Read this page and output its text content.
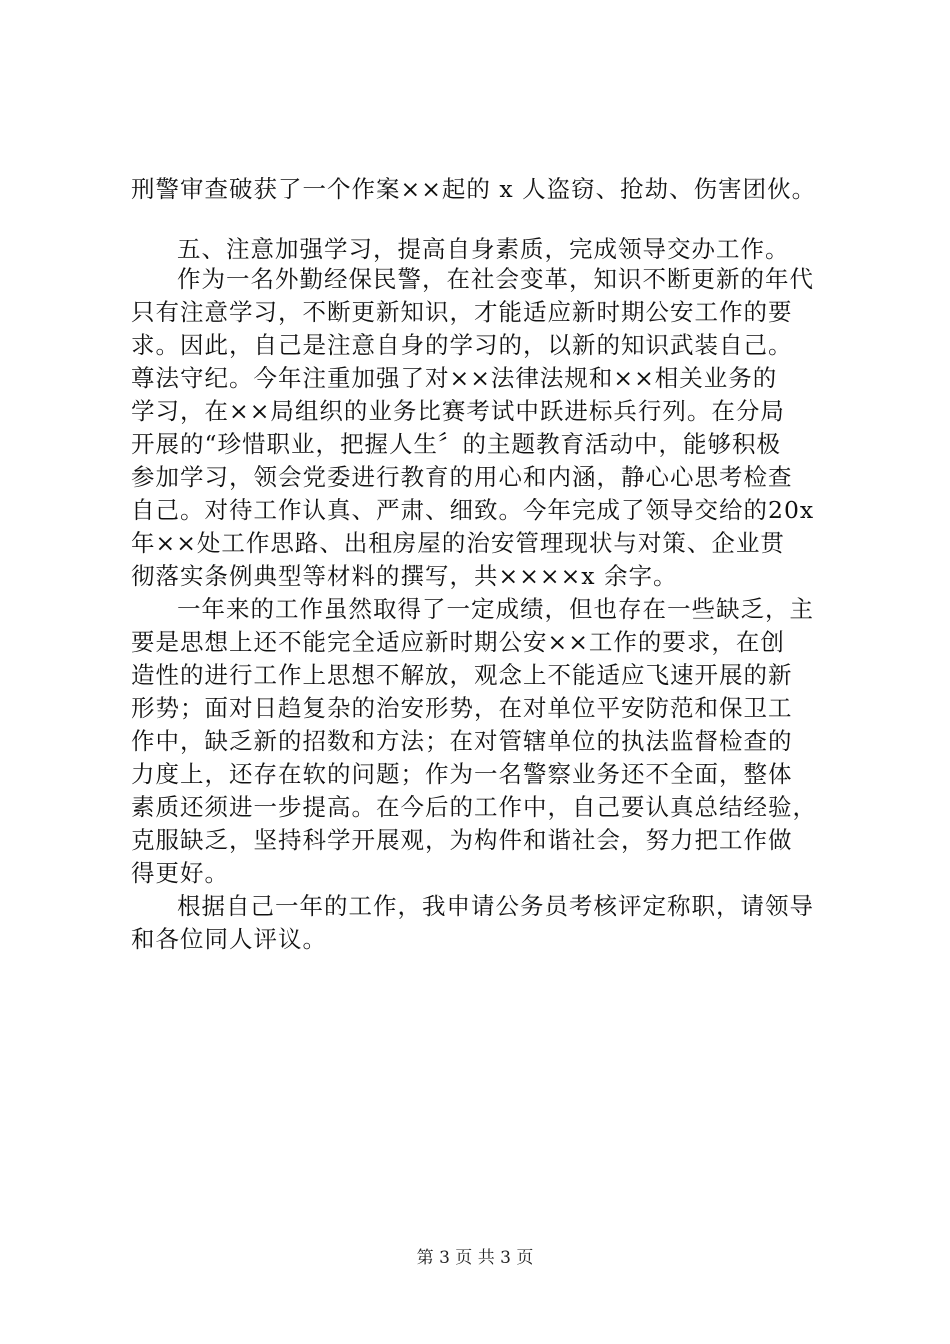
刑警审查破获了一个作案××起的 x 人盗窃、抢劫、伤害团伙。

五、注意加强学习，提高自身素质，完成领导交办工作。

作为一名外勤经保民警，在社会变革，知识不断更新的年代

只有注意学习，不断更新知识，才能适应新时期公安工作的要

求。因此，自己是注意自身的学习的，以新的知识武装自己。

尊法守纪。今年注重加强了对××法律法规和××相关业务的

学习，在××局组织的业务比赛考试中跃进标兵行列。在分局

开展的“珍惜职业，把握人生〞的主题教育活动中，能够积极

参加学习，领会党委进行教育的用心和内涵，静心心思考检查

自己。对待工作认真、严肃、细致。今年完成了领导交给的20x

年××处工作思路、出租房屋的治安管理现状与对策、企业贯

彻落实条例典型等材料的撰写，共××××x 余字。

一年来的工作虽然取得了一定成绩，但也存在一些缺乏，主

要是思想上还不能完全适应新时期公安××工作的要求，在创

造性的进行工作上思想不解放，观念上不能适应飞速开展的新

形势；面对日趋复杂的治安形势，在对单位平安防范和保卫工

作中，缺乏新的招数和方法；在对管辖单位的执法监督检查的

力度上，还存在软的问题；作为一名警察业务还不全面，整体

素质还须进一步提高。在今后的工作中，自己要认真总结经验，

克服缺乏，坚持科学开展观，为构件和谐社会，努力把工作做

得更好。

根据自己一年的工作，我申请公务员考核评定称职，请领导

和各位同人评议。

第 3 页 共 3 页
